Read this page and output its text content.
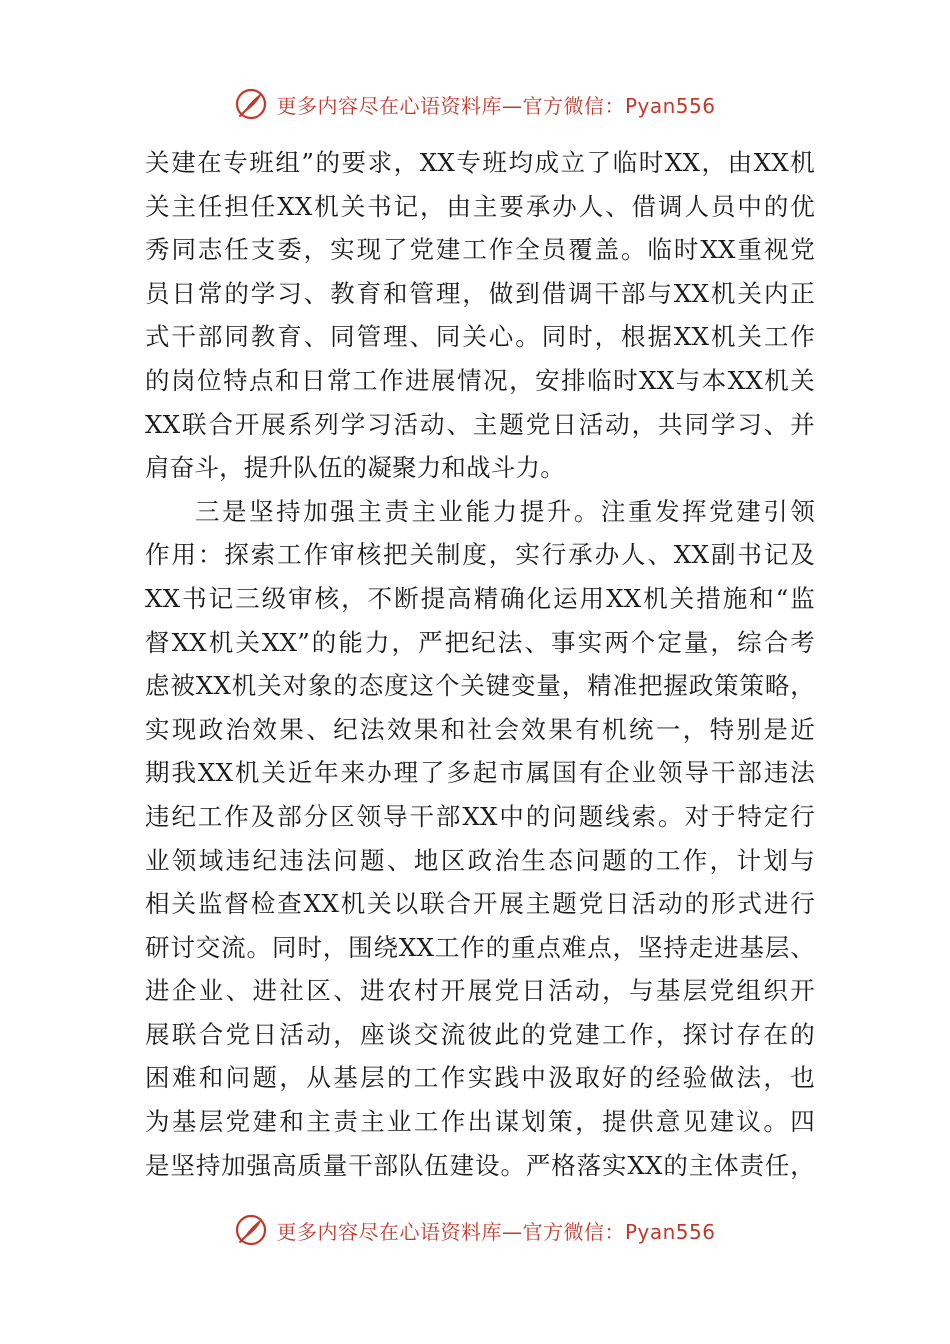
更多内容尽在心语资料库—官方微信：Pyan556
关建在专班组”的要求，XX专班均成立了临时XX，由XX机
关主任担任XX机关书记，由主要承办人、借调人员中的优
秀同志任支委，实现了党建工作全员覆盖。临时XX重视党
员日常的学习、教育和管理，做到借调干部与XX机关内正
式干部同教育、同管理、同关心。同时，根据XX机关工作
的岗位特点和日常工作进展情况，安排临时XX与本XX机关
XX联合开展系列学习活动、主题党日活动，共同学习、并
肩奋斗，提升队伍的凝聚力和战斗力。
三是坚持加强主责主业能力提升。注重发挥党建引领
作用：探索工作审核把关制度，实行承办人、XX副书记及
XX书记三级审核，不断提高精确化运用XX机关措施和“监
督XX机关XX”的能力，严把纪法、事实两个定量，综合考
虑被XX机关对象的态度这个关键变量，精准把握政策策略，
实现政治效果、纪法效果和社会效果有机统一，特别是近
期我XX机关近年来办理了多起市属国有企业领导干部违法
违纪工作及部分区领导干部XX中的问题线索。对于特定行
业领域违纪违法问题、地区政治生态问题的工作，计划与
相关监督检查XX机关以联合开展主题党日活动的形式进行
研讨交流。同时，围绕XX工作的重点难点，坚持走进基层、
进企业、进社区、进农村开展党日活动，与基层党组织开
展联合党日活动，座谈交流彼此的党建工作，探讨存在的
困难和问题，从基层的工作实践中汲取好的经验做法，也
为基层党建和主责主业工作出谋划策，提供意见建议。四
是坚持加强高质量干部队伍建设。严格落实XX的主体责任，
更多内容尽在心语资料库—官方微信：Pyan556
